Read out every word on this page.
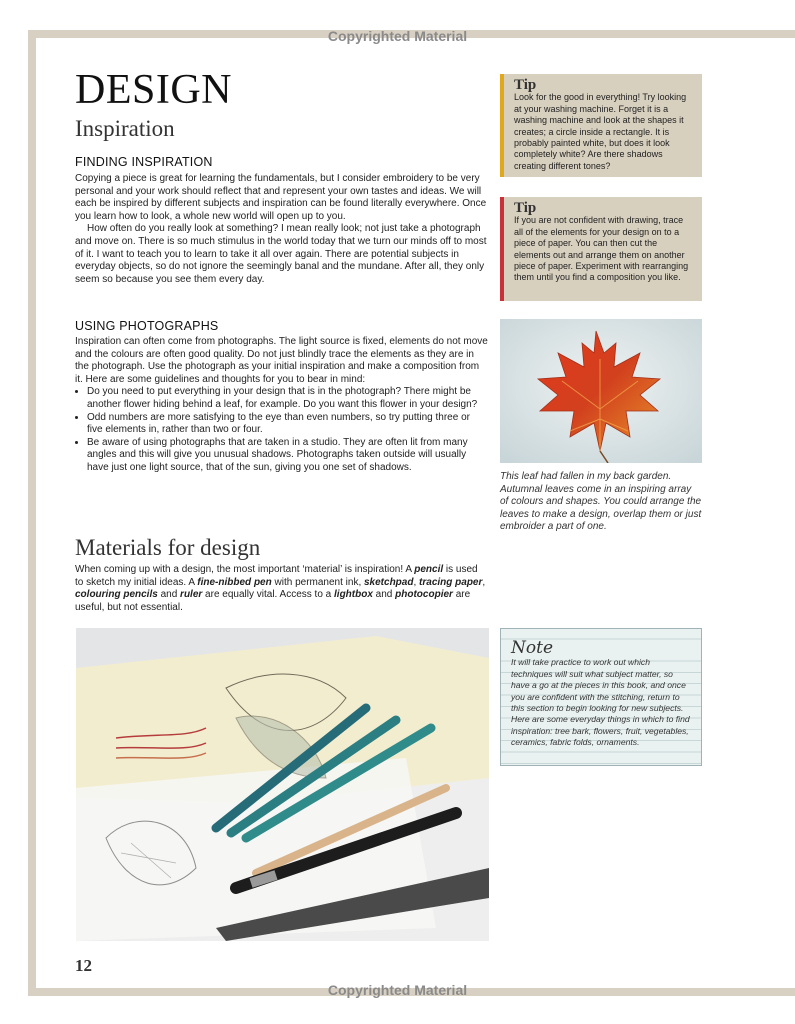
Copyrighted Material
DESIGN
Inspiration
FINDING INSPIRATION

Copying a piece is great for learning the fundamentals, but I consider embroidery to be very personal and your work should reflect that and represent your own tastes and ideas. We will each be inspired by different subjects and inspiration can be found literally everywhere. Once you learn how to look, a whole new world will open up to you.

How often do you really look at something? I mean really look; not just take a photograph and move on. There is so much stimulus in the world today that we turn our minds off to most of it. I want to teach you to learn to take it all over again. There are potential subjects in everyday objects, so do not ignore the seemingly banal and the mundane. After all, they only seem so because you see them every day.

USING PHOTOGRAPHS

Inspiration can often come from photographs. The light source is fixed, elements do not move and the colours are often good quality. Do not just blindly trace the elements as they are in the photograph. Use the photograph as your initial inspiration and make a composition from it. Here are some guidelines and thoughts for you to bear in mind:

• Do you need to put everything in your design that is in the photograph? There might be another flower hiding behind a leaf, for example. Do you want this flower in your design?
• Odd numbers are more satisfying to the eye than even numbers, so try putting three or five elements in, rather than two or four.
• Be aware of using photographs that are taken in a studio. They are often lit from many angles and this will give you unusual shadows. Photographs taken outside will usually have just one light source, that of the sun, giving you one set of shadows.
Materials for design

When coming up with a design, the most important ‘material’ is inspiration! A pencil is used to sketch my initial ideas. A fine-nibbed pen with permanent ink, sketchpad, tracing paper, colouring pencils and ruler are equally vital. Access to a lightbox and photocopier are useful, but not essential.

Tip
Look for the good in everything! Try looking at your washing machine. Forget it is a washing machine and look at the shapes it creates; a circle inside a rectangle. It is probably painted white, but does it look completely white? Are there shadows creating different tones?
Tip
If you are not confident with drawing, trace all of the elements for your design on to a piece of paper. You can then cut the elements out and arrange them on another piece of paper. Experiment with rearranging them until you find a composition you like.

This leaf had fallen in my back garden. Autumnal leaves come in an inspiring array of colours and shapes. You could arrange the leaves to make a design, overlap them or just embroider a part of one.

Note
It will take practice to work out which techniques will suit what subject matter, so have a go at the pieces in this book, and once you are confident with the stitching, return to this section to begin looking for new subjects. Here are some everyday things in which to find inspiration: tree bark, flowers, fruit, vegetables, ceramics, fabric folds, ornaments.

12

Copyrighted Material
